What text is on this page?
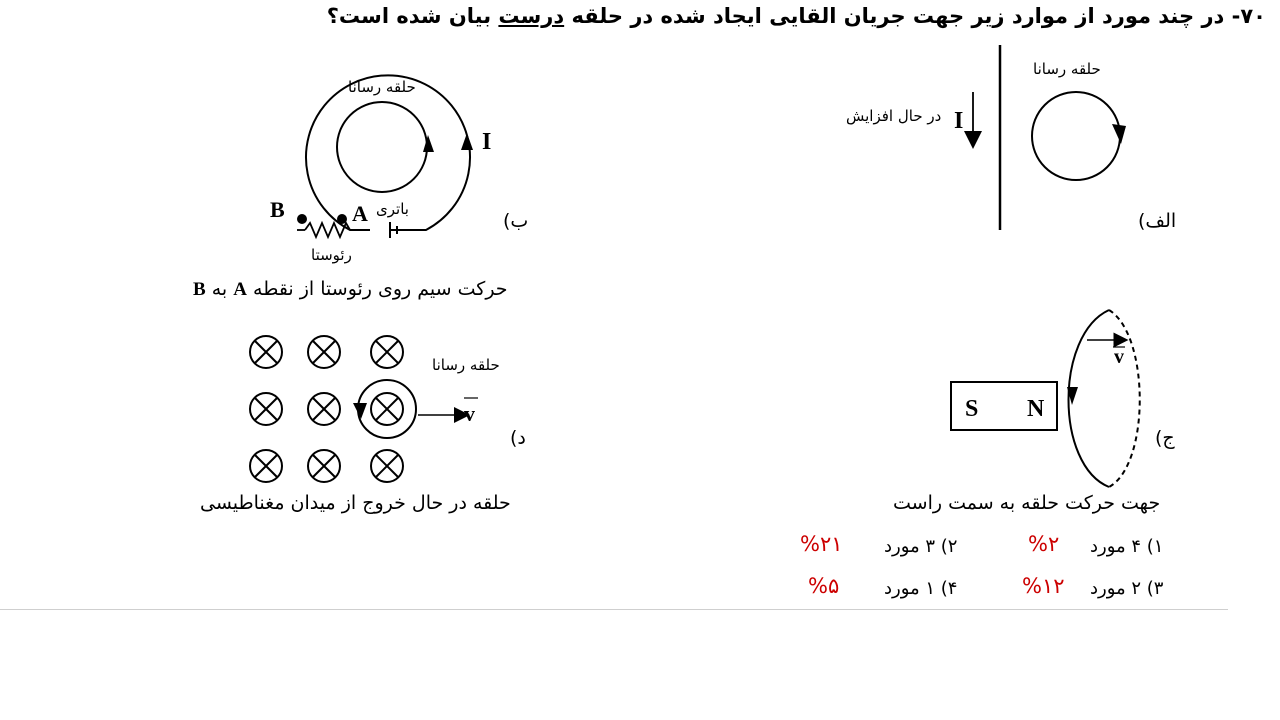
۷۰- در چند مورد از موارد زیر جهت جریان القایی ایجاد شده در حلقه درست بیان شده است؟
I
حلقه رسانا
در حال افزایش
الف)
I
A
B
حلقه رسانا
باتری
رئوستا
ب)
حرکت سیم روی رئوستا از نقطه A به B
S N
v
ج)
جهت حرکت حلقه به سمت راست
v
حلقه رسانا
د)
حلقه در حال خروج از میدان مغناطیسی
۱) ۴ مورد
%۲
۲) ۳ مورد
%۲۱
۳) ۲ مورد
%۱۲
۴) ۱ مورد
%۵
